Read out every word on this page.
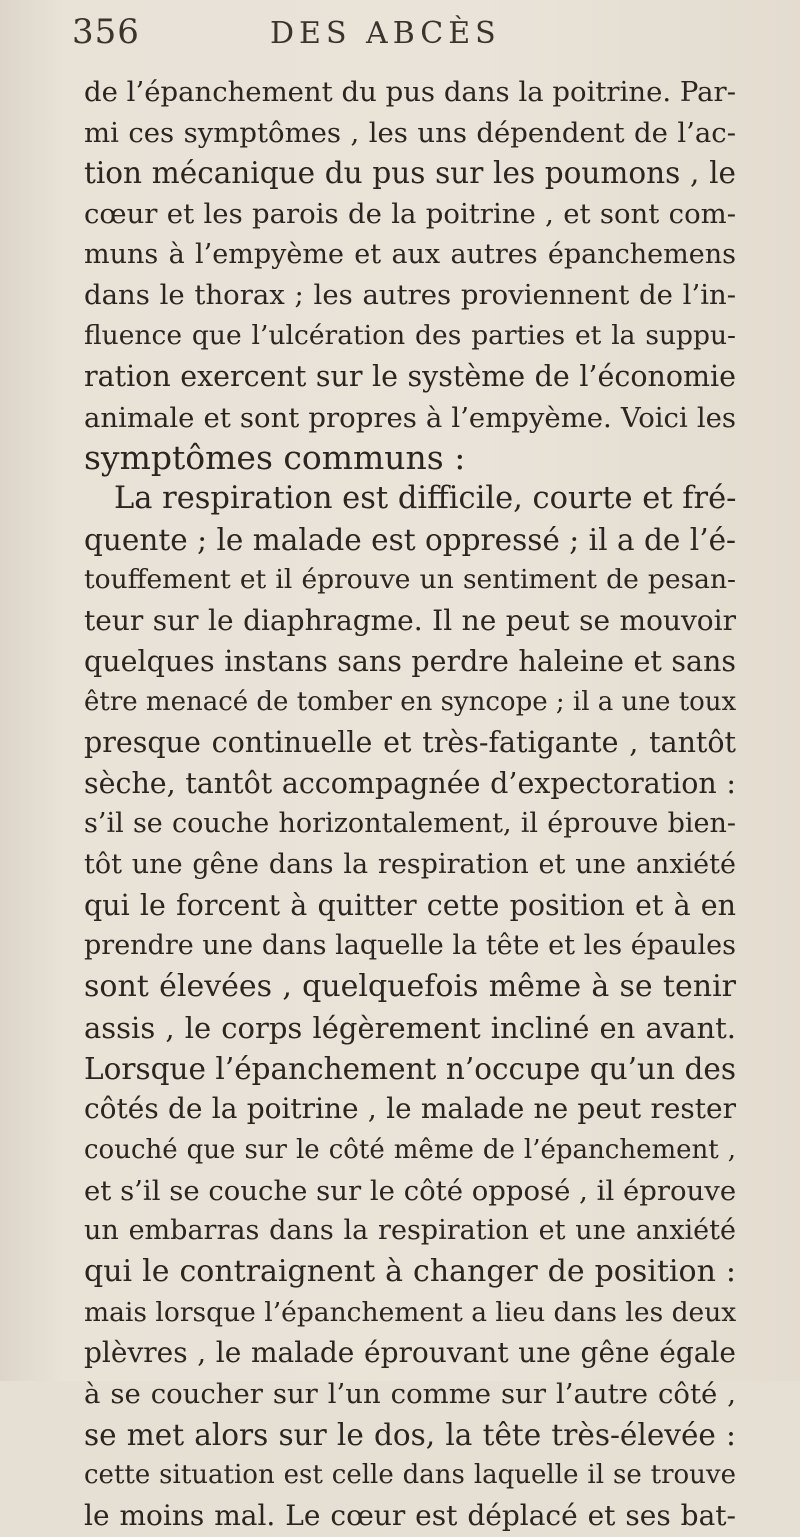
356	DES ABCÈS
de l’épanchement du pus dans la poitrine. Par-
mi ces symptômes , les uns dépendent de l’ac-
tion mécanique du pus sur les poumons , le
cœur et les parois de la poitrine , et sont com-
muns à l’empyème et aux autres épanchemens
dans le thorax ; les autres proviennent de l’in-
fluence que l’ulcération des parties et la suppu-
ration exercent sur le système de l’économie
animale et sont propres à l’empyème. Voici les
symptômes communs :
La respiration est difficile, courte et fré-
quente ; le malade est oppressé ; il a de l’é-
touffement et il éprouve un sentiment de pesan-
teur sur le diaphragme. Il ne peut se mouvoir
quelques instans sans perdre haleine et sans
être menacé de tomber en syncope ; il a une toux
presque continuelle et très-fatigante , tantôt
sèche, tantôt accompagnée d’expectoration :
s’il se couche horizontalement, il éprouve bien-
tôt une gêne dans la respiration et une anxiété
qui le forcent à quitter cette position et à en
prendre une dans laquelle la tête et les épaules
sont élevées , quelquefois même à se tenir
assis , le corps légèrement incliné en avant.
Lorsque l’épanchement n’occupe qu’un des
côtés de la poitrine , le malade ne peut rester
couché que sur le côté même de l’épanchement ,
et s’il se couche sur le côté opposé , il éprouve
un embarras dans la respiration et une anxiété
qui le contraignent à changer de position :
mais lorsque l’épanchement a lieu dans les deux
plèvres , le malade éprouvant une gêne égale
à se coucher sur l’un comme sur l’autre côté ,
se met alors sur le dos, la tête très-élevée :
cette situation est celle dans laquelle il se trouve
le moins mal. Le cœur est déplacé et ses bat-
